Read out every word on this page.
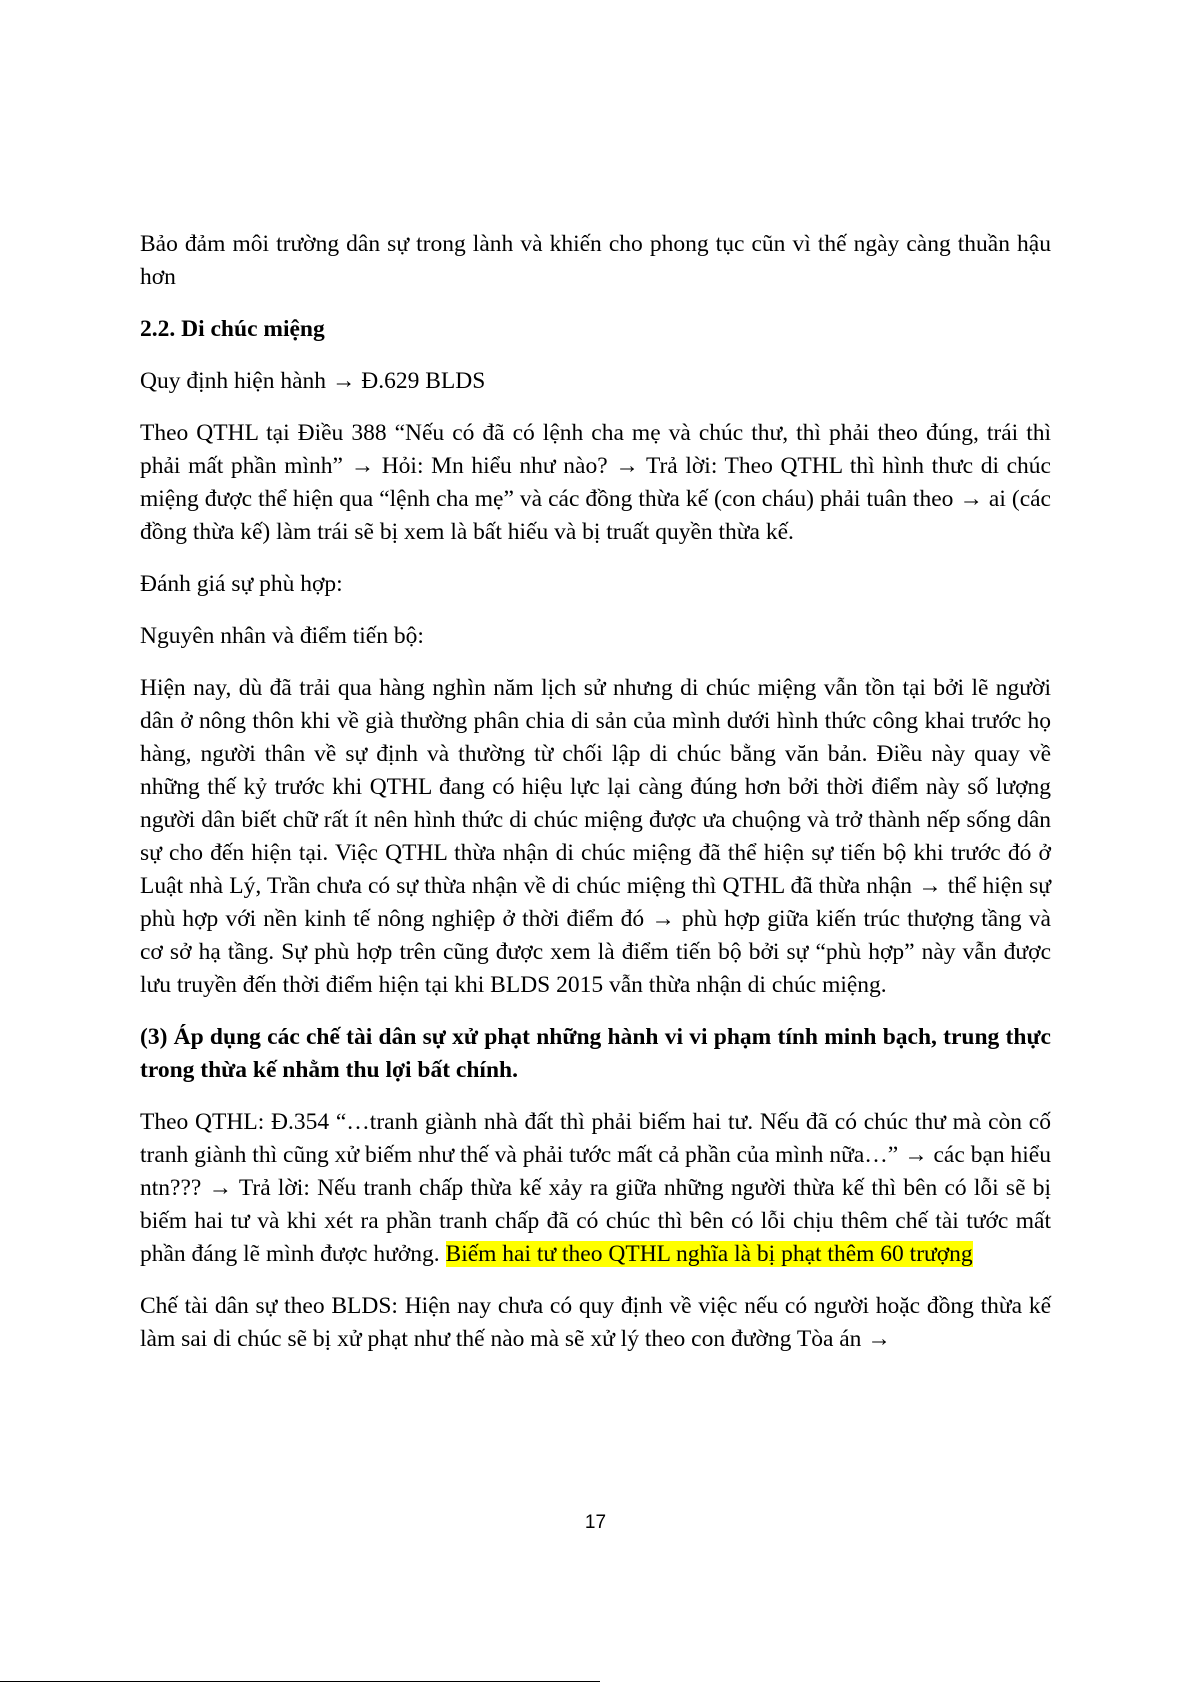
Bảo đảm môi trường dân sự trong lành và khiến cho phong tục cũn vì thế ngày càng thuần hậu hơn

2.2. Di chúc miệng

Quy định hiện hành → Đ.629 BLDS

Theo QTHL tại Điều 388 “Nếu có đã có lệnh cha mẹ và chúc thư, thì phải theo đúng, trái thì phải mất phần mình” → Hỏi: Mn hiểu như nào? → Trả lời: Theo QTHL thì hình thưc di chúc miệng được thể hiện qua “lệnh cha mẹ” và các đồng thừa kế (con cháu) phải tuân theo → ai (các đồng thừa kế) làm trái sẽ bị xem là bất hiếu và bị truất quyền thừa kế.

Đánh giá sự phù hợp:

Nguyên nhân và điểm tiến bộ:

Hiện nay, dù đã trải qua hàng nghìn năm lịch sử nhưng di chúc miệng vẫn tồn tại bởi lẽ người dân ở nông thôn khi về già thường phân chia di sản của mình dưới hình thức công khai trước họ hàng, người thân về sự định và thường từ chối lập di chúc bằng văn bản. Điều này quay về những thế kỷ trước khi QTHL đang có hiệu lực lại càng đúng hơn bởi thời điểm này số lượng người dân biết chữ rất ít nên hình thức di chúc miệng được ưa chuộng và trở thành nếp sống dân sự cho đến hiện tại. Việc QTHL thừa nhận di chúc miệng đã thể hiện sự tiến bộ khi trước đó ở Luật nhà Lý, Trần chưa có sự thừa nhận về di chúc miệng thì QTHL đã thừa nhận → thể hiện sự phù hợp với nền kinh tế nông nghiệp ở thời điểm đó → phù hợp giữa kiến trúc thượng tầng và cơ sở hạ tầng. Sự phù hợp trên cũng được xem là điểm tiến bộ bởi sự “phù hợp” này vẫn được lưu truyền đến thời điểm hiện tại khi BLDS 2015 vẫn thừa nhận di chúc miệng.

(3) Áp dụng các chế tài dân sự xử phạt những hành vi vi phạm tính minh bạch, trung thực trong thừa kế nhằm thu lợi bất chính.

Theo QTHL: Đ.354 “…tranh giành nhà đất thì phải biếm hai tư. Nếu đã có chúc thư mà còn cố tranh giành thì cũng xử biếm như thế và phải tước mất cả phần của mình nữa…” → các bạn hiểu ntn??? → Trả lời: Nếu tranh chấp thừa kế xảy ra giữa những người thừa kế thì bên có lỗi sẽ bị biếm hai tư và khi xét ra phần tranh chấp đã có chúc thì bên có lỗi chịu thêm chế tài tước mất phần đáng lẽ mình được hưởng. Biếm hai tư theo QTHL nghĩa là bị phạt thêm 60 trượng

Chế tài dân sự theo BLDS: Hiện nay chưa có quy định về việc nếu có người hoặc đồng thừa kế làm sai di chúc sẽ bị xử phạt như thế nào mà sẽ xử lý theo con đường Tòa án →

17
